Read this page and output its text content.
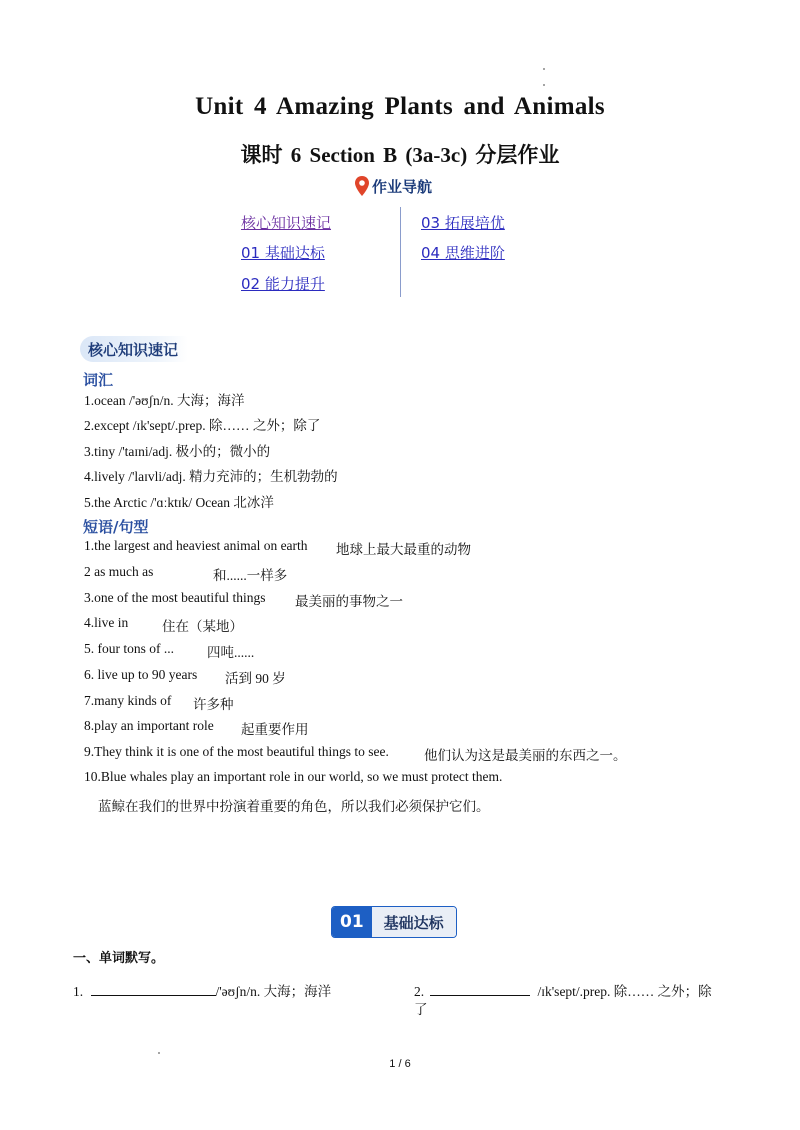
Unit 4 Amazing Plants and Animals
课时 6 Section B (3a-3c) 分层作业
作业导航
核心知识速记
01 基础达标
02 能力提升
03 拓展培优
04 思维进阶
核心知识速记
词汇
1.ocean /'əʊʃn/n. 大海；海洋
2.except /ɪk'sept/.prep. 除…… 之外；除了
3.tiny /'taɪni/adj. 极小的；微小的
4.lively /'laɪvli/adj. 精力充沛的；生机勃勃的
5.the Arctic /'ɑːktɪk/ Ocean 北冰洋
短语/句型
1.the largest and heaviest animal on earth 地球上最大最重的动物
2 as much as	和......一样多
3.one of the most beautiful things 最美丽的事物之一
4.live in	住在（某地）
5. four tons of ... 四吨......
6. live up to 90 years 活到 90 岁
7.many kinds of 许多种
8.play an important role 起重要作用
9.They think it is one of the most beautiful things to see.	他们认为这是最美丽的东西之一。
10.Blue whales play an important role in our world, so we must protect them.
蓝鲸在我们的世界中扮演着重要的角色，所以我们必须保护它们。
01	基础达标
一、单词默写。
1.	/'əʊʃn/n. 大海；海洋	2.	/ɪk'sept/.prep. 除…… 之外；除
了
1 / 6
